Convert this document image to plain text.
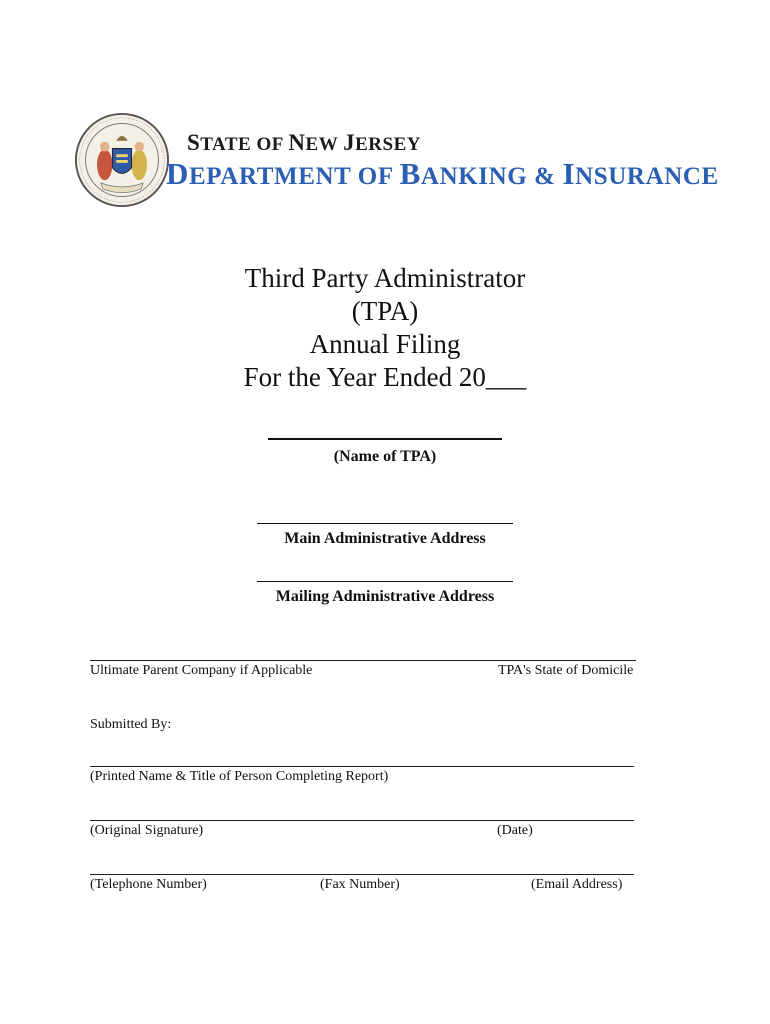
STATE OF NEW JERSEY
DEPARTMENT OF BANKING & INSURANCE
Third Party Administrator
(TPA)
Annual Filing
For the Year Ended 20___
(Name of TPA)
Main Administrative Address
Mailing Administrative Address
Ultimate Parent Company if Applicable	TPA's State of Domicile
Submitted By:
(Printed Name & Title of Person Completing Report)
(Original Signature)	(Date)
(Telephone Number)	(Fax Number)	(Email Address)
